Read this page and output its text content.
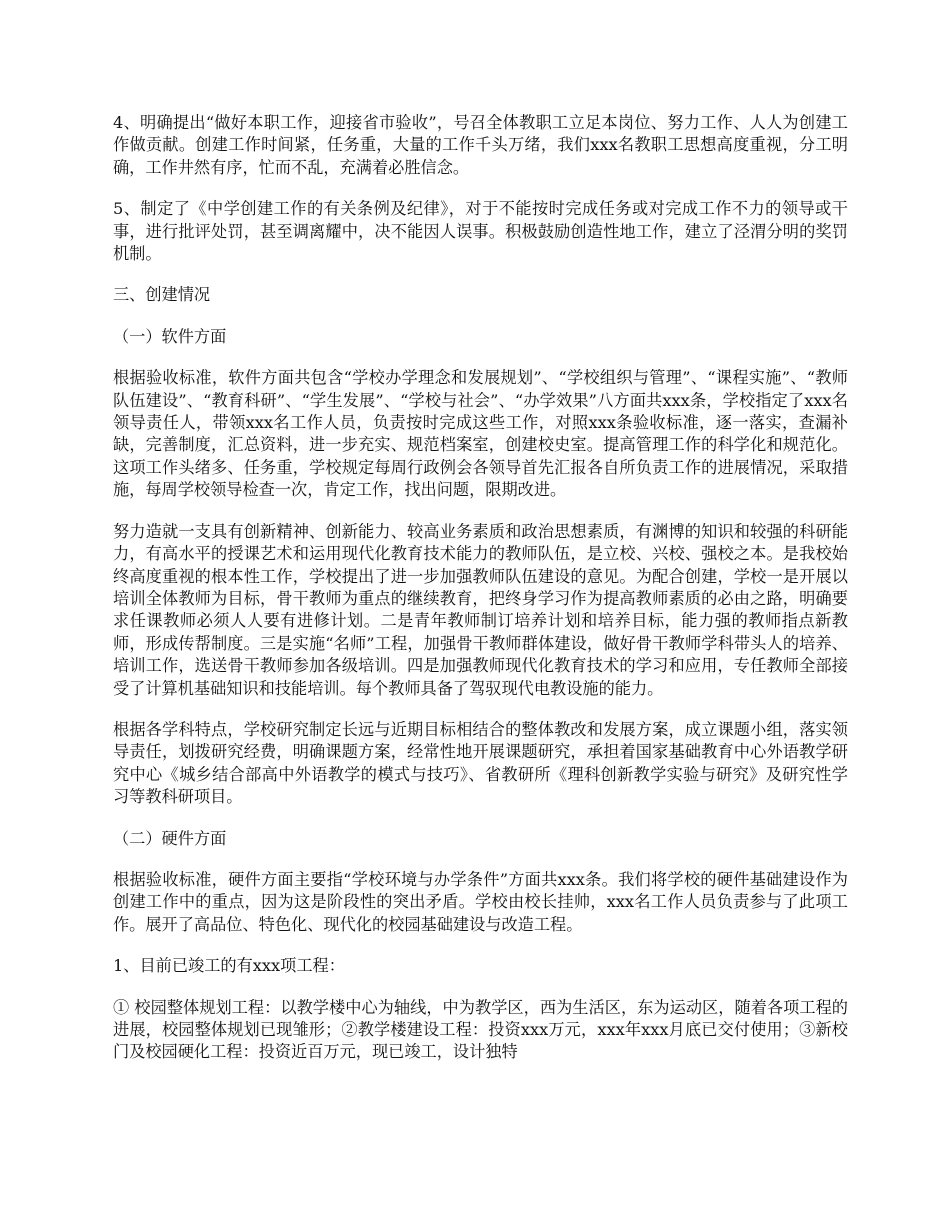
4、明确提出“做好本职工作，迎接省市验收”，号召全体教职工立足本岗位、努力工作、人人为创建工作做贡献。创建工作时间紧，任务重，大量的工作千头万绪，我们xxx名教职工思想高度重视，分工明确，工作井然有序，忙而不乱，充满着必胜信念。

5、制定了《中学创建工作的有关条例及纪律》，对于不能按时完成任务或对完成工作不力的领导或干事，进行批评处罚，甚至调离耀中，决不能因人误事。积极鼓励创造性地工作，建立了泾渭分明的奖罚机制。

三、创建情况

（一）软件方面

根据验收标准，软件方面共包含“学校办学理念和发展规划”、“学校组织与管理”、“课程实施”、“教师队伍建设”、“教育科研”、“学生发展”、“学校与社会”、“办学效果”八方面共xxx条，学校指定了xxx名领导责任人，带领xxx名工作人员，负责按时完成这些工作，对照xxx条验收标准，逐一落实，查漏补缺，完善制度，汇总资料，进一步充实、规范档案室，创建校史室。提高管理工作的科学化和规范化。这项工作头绪多、任务重，学校规定每周行政例会各领导首先汇报各自所负责工作的进展情况，采取措施，每周学校领导检查一次，肯定工作，找出问题，限期改进。

努力造就一支具有创新精神、创新能力、较高业务素质和政治思想素质，有渊博的知识和较强的科研能力，有高水平的授课艺术和运用现代化教育技术能力的教师队伍，是立校、兴校、强校之本。是我校始终高度重视的根本性工作，学校提出了进一步加强教师队伍建设的意见。为配合创建，学校一是开展以培训全体教师为目标，骨干教师为重点的继续教育，把终身学习作为提高教师素质的必由之路，明确要求任课教师必须人人要有进修计划。二是青年教师制订培养计划和培养目标，能力强的教师指点新教师，形成传帮制度。三是实施“名师”工程，加强骨干教师群体建设，做好骨干教师学科带头人的培养、培训工作，选送骨干教师参加各级培训。四是加强教师现代化教育技术的学习和应用，专任教师全部接受了计算机基础知识和技能培训。每个教师具备了驾驭现代电教设施的能力。

根据各学科特点，学校研究制定长远与近期目标相结合的整体教改和发展方案，成立课题小组，落实领导责任，划拨研究经费，明确课题方案，经常性地开展课题研究，承担着国家基础教育中心外语教学研究中心《城乡结合部高中外语教学的模式与技巧》、省教研所《理科创新教学实验与研究》及研究性学习等教科研项目。

（二）硬件方面

根据验收标准，硬件方面主要指“学校环境与办学条件”方面共xxx条。我们将学校的硬件基础建设作为创建工作中的重点，因为这是阶段性的突出矛盾。学校由校长挂帅，xxx名工作人员负责参与了此项工作。展开了高品位、特色化、现代化的校园基础建设与改造工程。

1、目前已竣工的有xxx项工程：

① 校园整体规划工程：以教学楼中心为轴线，中为教学区，西为生活区，东为运动区，随着各项工程的进展，校园整体规划已现雏形；②教学楼建设工程：投资xxx万元，xxx年xxx月底已交付使用；③新校门及校园硬化工程：投资近百万元，现已竣工，设计独特
